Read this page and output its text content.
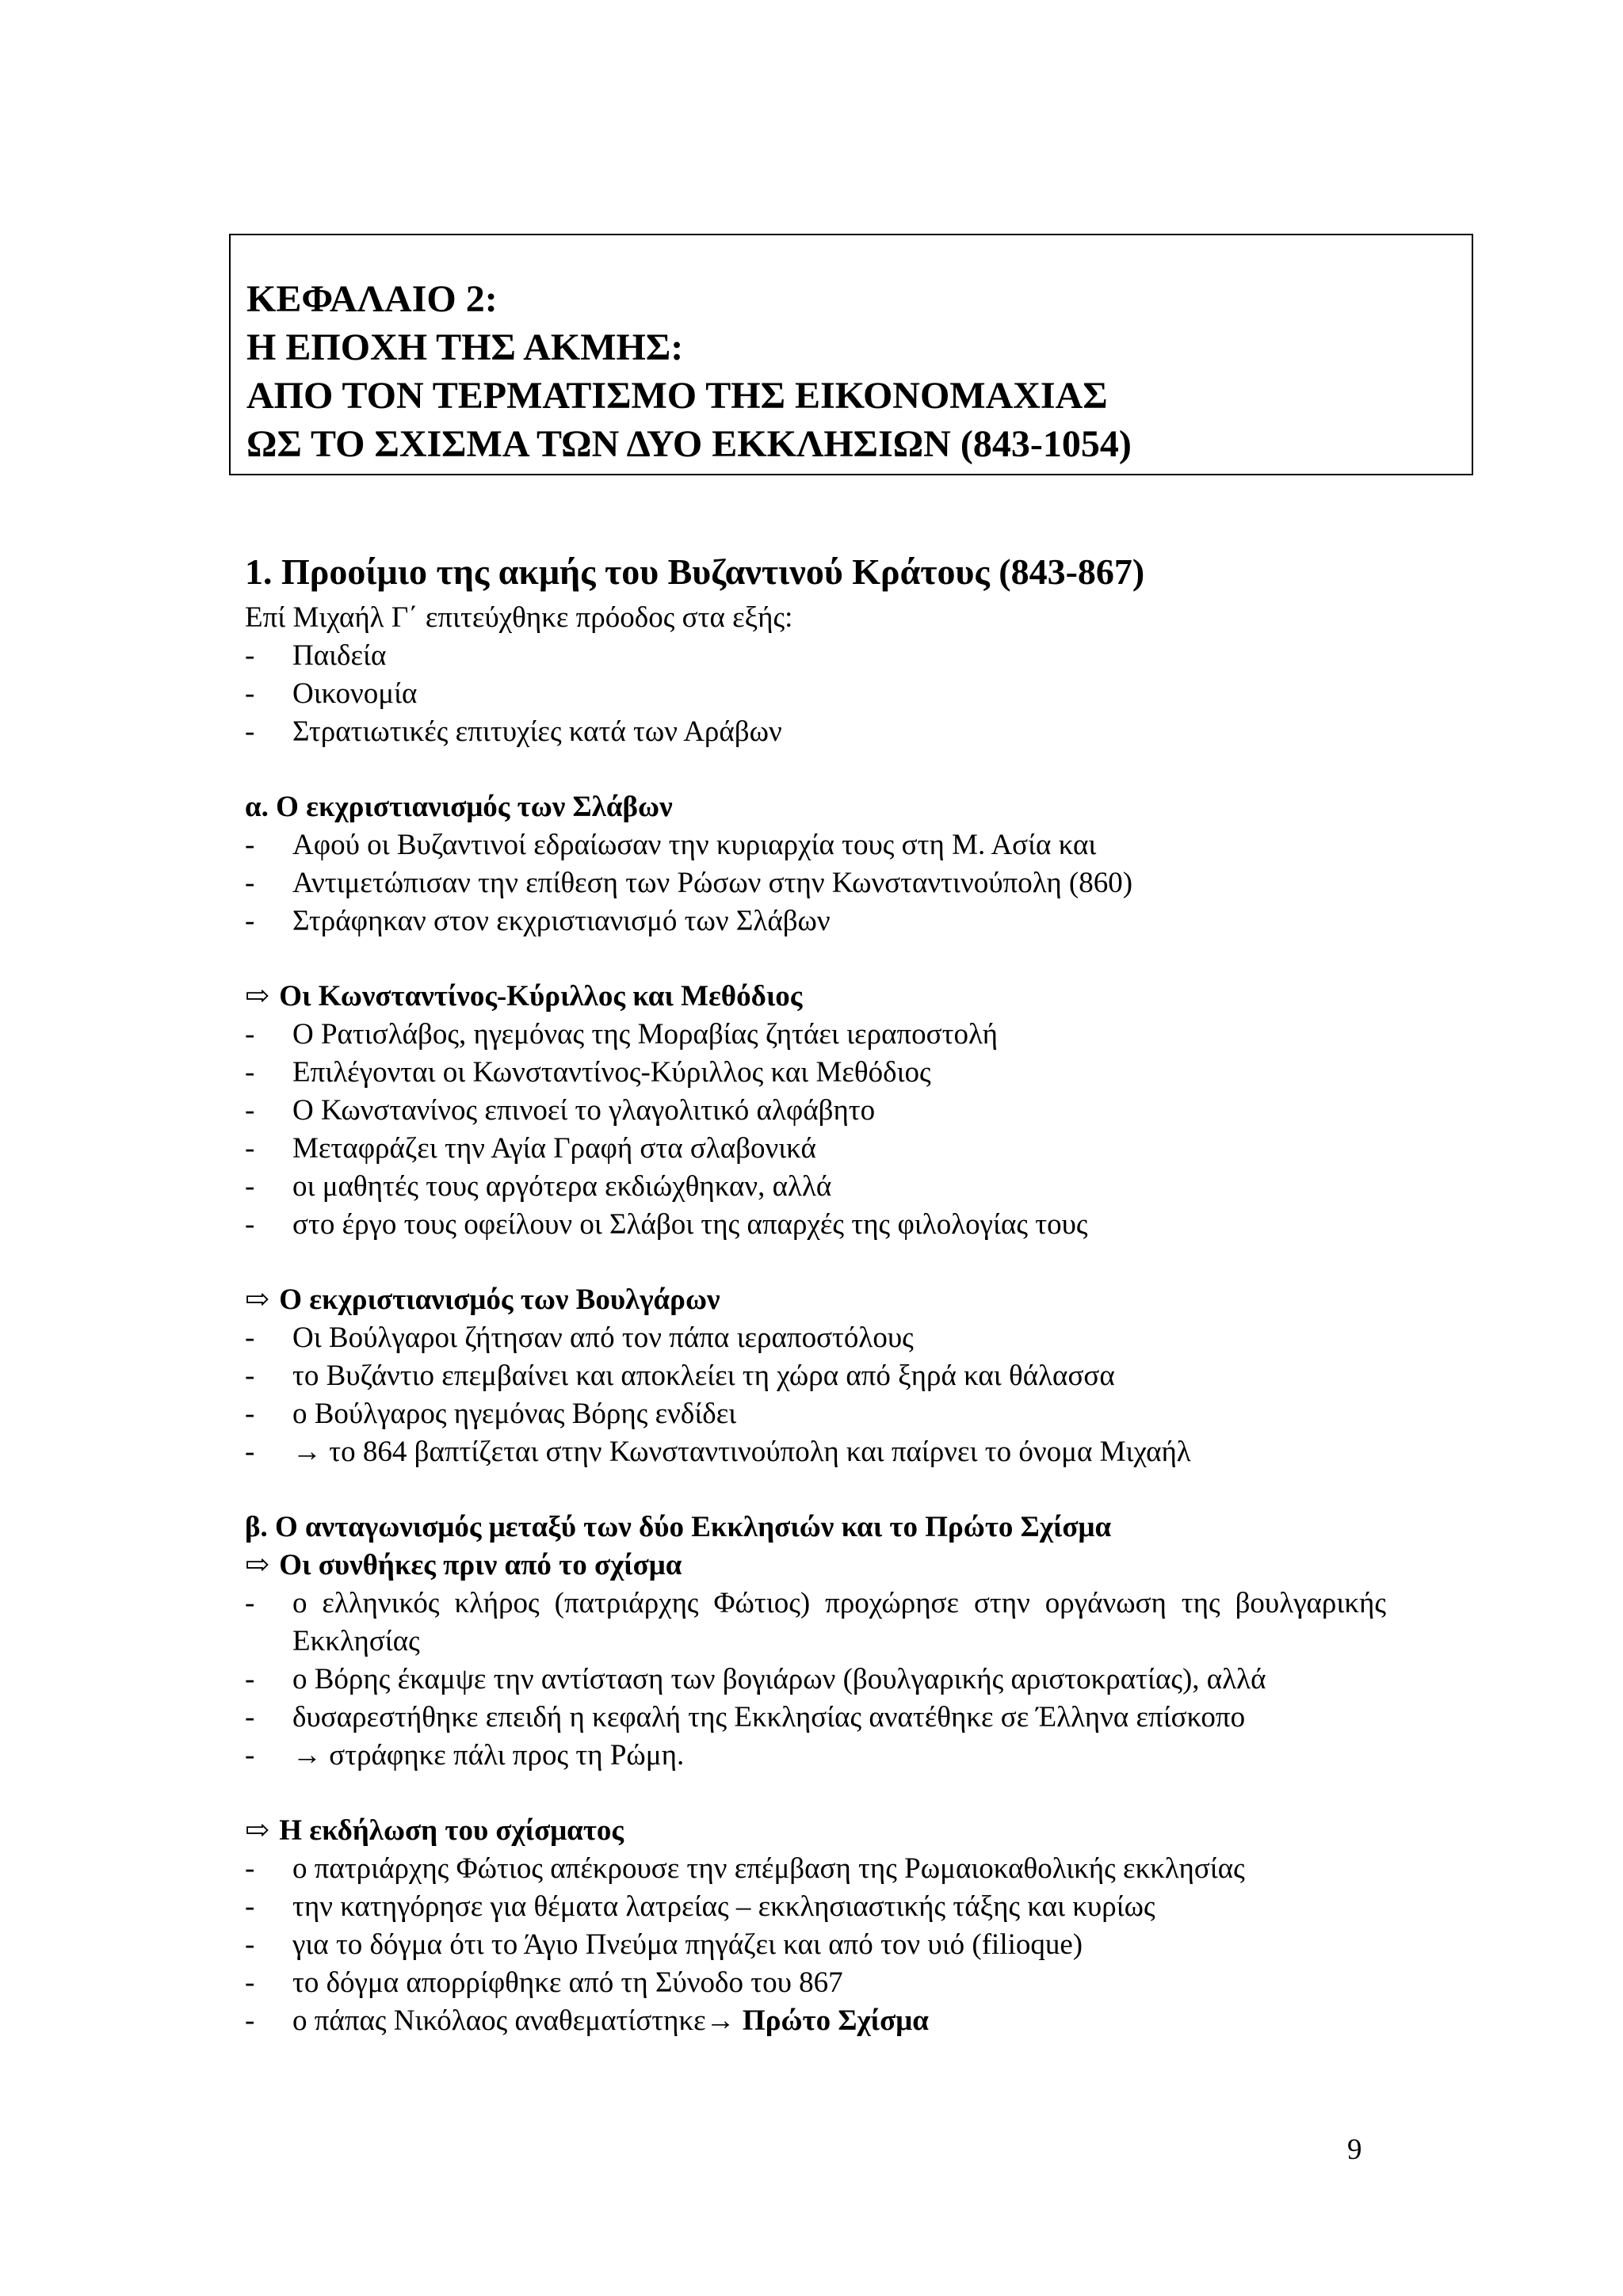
ΚΕΦΑΛΑΙΟ 2:
Η ΕΠΟΧΗ ΤΗΣ ΑΚΜΗΣ:
ΑΠΟ ΤΟΝ ΤΕΡΜΑΤΙΣΜΟ ΤΗΣ ΕΙΚΟΝΟΜΑΧΙΑΣ
ΩΣ ΤΟ ΣΧΙΣΜΑ ΤΩΝ ΔΥΟ ΕΚΚΛΗΣΙΩΝ (843-1054)
1. Προοίμιο της ακμής του Βυζαντινού Κράτους (843-867)
Επί Μιχαήλ Γ΄ επιτεύχθηκε πρόοδος στα εξής:
- Παιδεία
- Οικονομία
- Στρατιωτικές επιτυχίες κατά των Αράβων
α. Ο εκχριστιανισμός των Σλάβων
- Αφού οι Βυζαντινοί εδραίωσαν την κυριαρχία τους στη Μ. Ασία και
- Αντιμετώπισαν την επίθεση των Ρώσων στην Κωνσταντινούπολη (860)
- Στράφηκαν στον εκχριστιανισμό των Σλάβων
⇨ Οι Κωνσταντίνος-Κύριλλος και Μεθόδιος
- Ο Ρατισλάβος, ηγεμόνας της Μοραβίας ζητάει ιεραποστολή
- Επιλέγονται οι Κωνσταντίνος-Κύριλλος και Μεθόδιος
- Ο Κωνστανίνος επινοεί το γλαγολιτικό αλφάβητο
- Μεταφράζει την Αγία Γραφή στα σλαβονικά
- οι μαθητές τους αργότερα εκδιώχθηκαν, αλλά
- στο έργο τους οφείλουν οι Σλάβοι της απαρχές της φιλολογίας τους
⇨ Ο εκχριστιανισμός των Βουλγάρων
- Οι Βούλγαροι ζήτησαν από τον πάπα ιεραποστόλους
- το Βυζάντιο επεμβαίνει και αποκλείει τη χώρα από ξηρά και θάλασσα
- ο Βούλγαρος ηγεμόνας Βόρης ενδίδει
- → το 864 βαπτίζεται στην Κωνσταντινούπολη και παίρνει το όνομα Μιχαήλ
β. Ο ανταγωνισμός μεταξύ των δύο Εκκλησιών και το Πρώτο Σχίσμα
⇨ Οι συνθήκες πριν από το σχίσμα
- ο ελληνικός κλήρος (πατριάρχης Φώτιος) προχώρησε στην οργάνωση της βουλγαρικής Εκκλησίας
- ο Βόρης έκαμψε την αντίσταση των βογιάρων (βουλγαρικής αριστοκρατίας), αλλά
- δυσαρεστήθηκε επειδή η κεφαλή της Εκκλησίας ανατέθηκε σε Έλληνα επίσκοπο
- → στράφηκε πάλι προς τη Ρώμη.
⇨ Η εκδήλωση του σχίσματος
- ο πατριάρχης Φώτιος απέκρουσε την επέμβαση της Ρωμαιοκαθολικής εκκλησίας
- την κατηγόρησε για θέματα λατρείας – εκκλησιαστικής τάξης και κυρίως
- για το δόγμα ότι το Άγιο Πνεύμα πηγάζει και από τον υιό (filioque)
- το δόγμα απορρίφθηκε από τη Σύνοδο του 867
- ο πάπας Νικόλαος αναθεματίστηκε→ Πρώτο Σχίσμα
9
